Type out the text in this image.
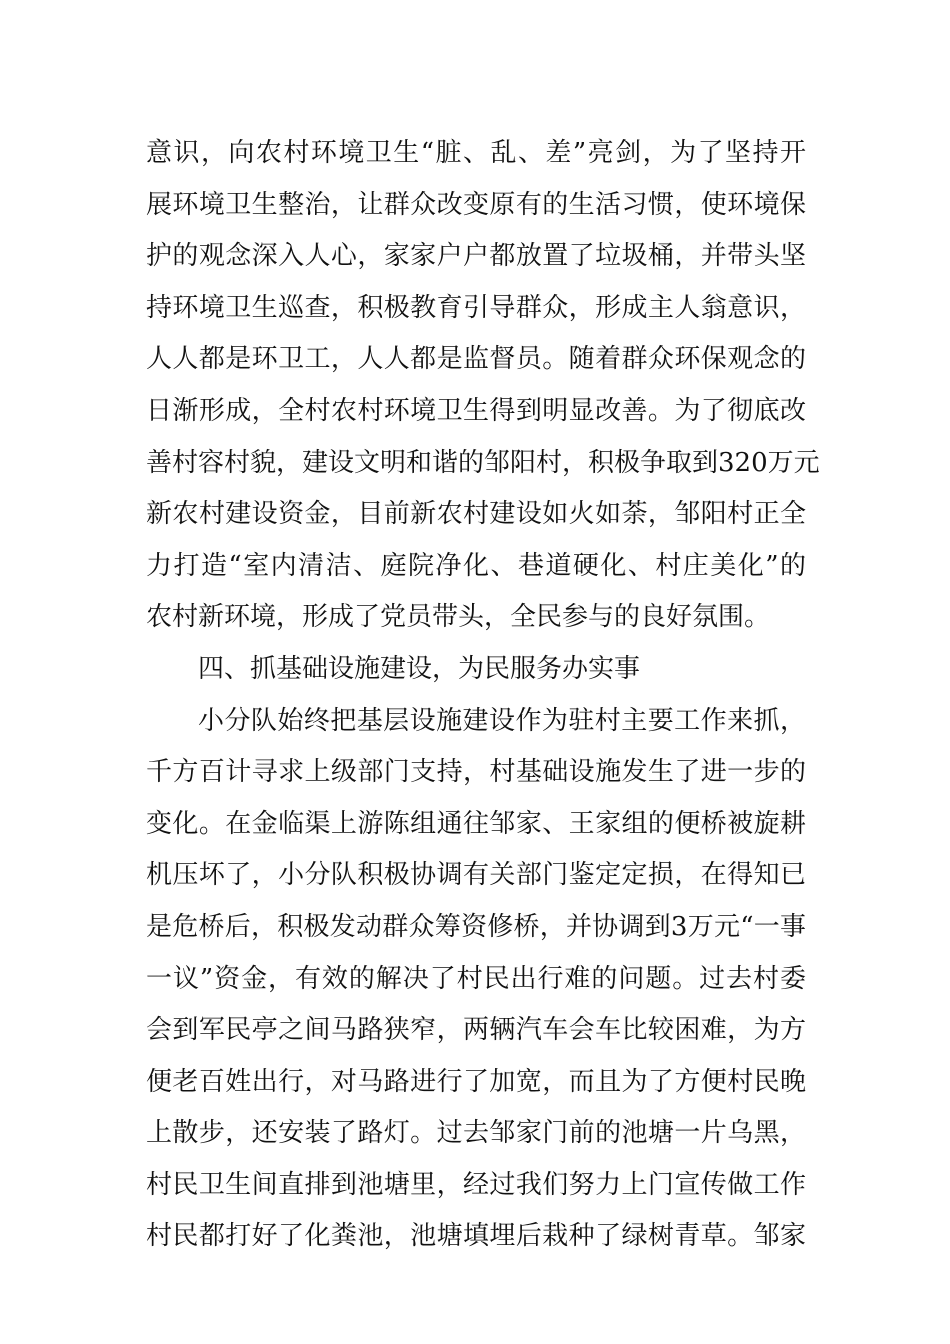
意识，向农村环境卫生“脏、乱、差”亮剑，为了坚持开
展环境卫生整治，让群众改变原有的生活习惯，使环境保
护的观念深入人心，家家户户都放置了垃圾桶，并带头坚
持环境卫生巡查，积极教育引导群众，形成主人翁意识，
人人都是环卫工，人人都是监督员。随着群众环保观念的
日渐形成，全村农村环境卫生得到明显改善。为了彻底改
善村容村貌，建设文明和谐的邹阳村，积极争取到320万元
新农村建设资金，目前新农村建设如火如荼，邹阳村正全
力打造“室内清洁、庭院净化、巷道硬化、村庄美化”的
农村新环境，形成了党员带头，全民参与的良好氛围。
四、抓基础设施建设，为民服务办实事
小分队始终把基层设施建设作为驻村主要工作来抓，
千方百计寻求上级部门支持，村基础设施发生了进一步的
变化。在金临渠上游陈组通往邹家、王家组的便桥被旋耕
机压坏了，小分队积极协调有关部门鉴定定损，在得知已
是危桥后，积极发动群众筹资修桥，并协调到3万元“一事
一议”资金，有效的解决了村民出行难的问题。过去村委
会到军民亭之间马路狭窄，两辆汽车会车比较困难，为方
便老百姓出行，对马路进行了加宽，而且为了方便村民晚
上散步，还安装了路灯。过去邹家门前的池塘一片乌黑，
村民卫生间直排到池塘里，经过我们努力上门宣传做工作
村民都打好了化粪池，池塘填埋后栽种了绿树青草。邹家
